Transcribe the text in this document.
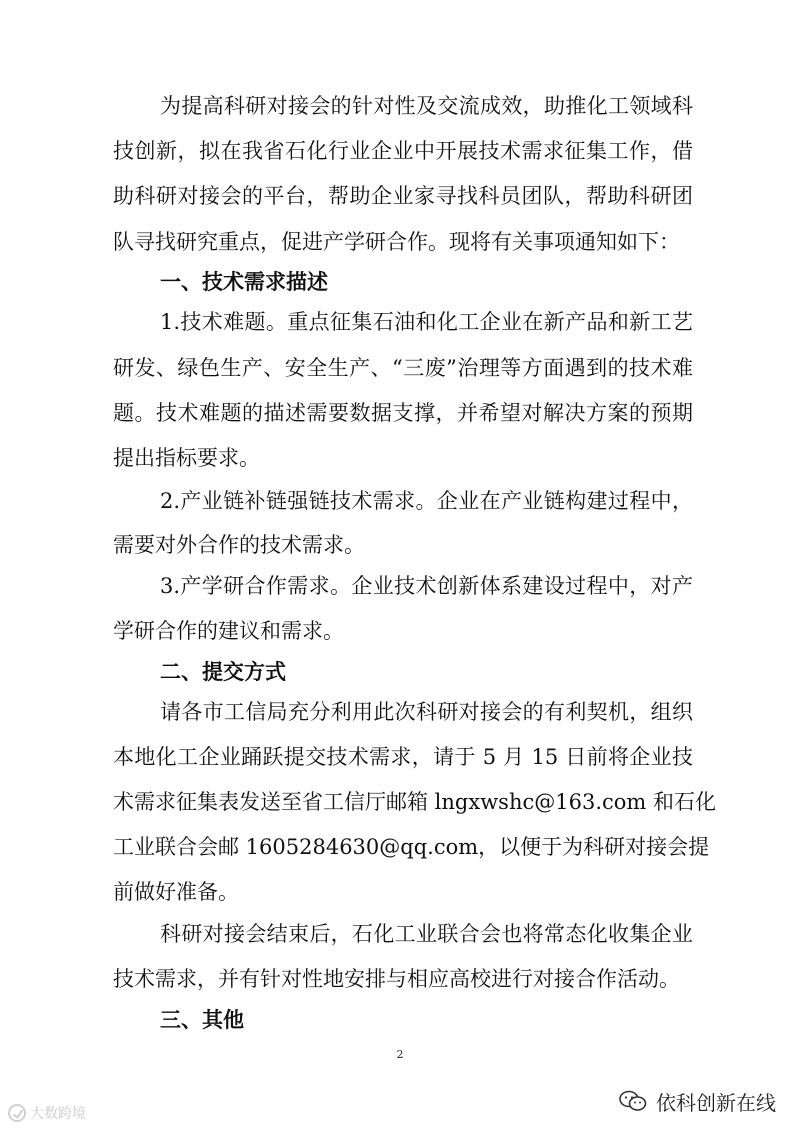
为提高科研对接会的针对性及交流成效，助推化工领域科
技创新，拟在我省石化行业企业中开展技术需求征集工作，借
助科研对接会的平台，帮助企业家寻找科员团队，帮助科研团
队寻找研究重点，促进产学研合作。现将有关事项通知如下：
一、技术需求描述
1.技术难题。重点征集石油和化工企业在新产品和新工艺
研发、绿色生产、安全生产、“三废”治理等方面遇到的技术难
题。技术难题的描述需要数据支撑，并希望对解决方案的预期
提出指标要求。
2.产业链补链强链技术需求。企业在产业链构建过程中，
需要对外合作的技术需求。
3.产学研合作需求。企业技术创新体系建设过程中，对产
学研合作的建议和需求。
二、提交方式
请各市工信局充分利用此次科研对接会的有利契机，组织
本地化工企业踊跃提交技术需求，请于 5 月 15 日前将企业技
术需求征集表发送至省工信厅邮箱 lngxwshc@163.com 和石化
工业联合会邮 1605284630@qq.com，以便于为科研对接会提
前做好准备。
科研对接会结束后，石化工业联合会也将常态化收集企业
技术需求，并有针对性地安排与相应高校进行对接合作活动。
三、其他
2
大数跨境	依科创新在线
